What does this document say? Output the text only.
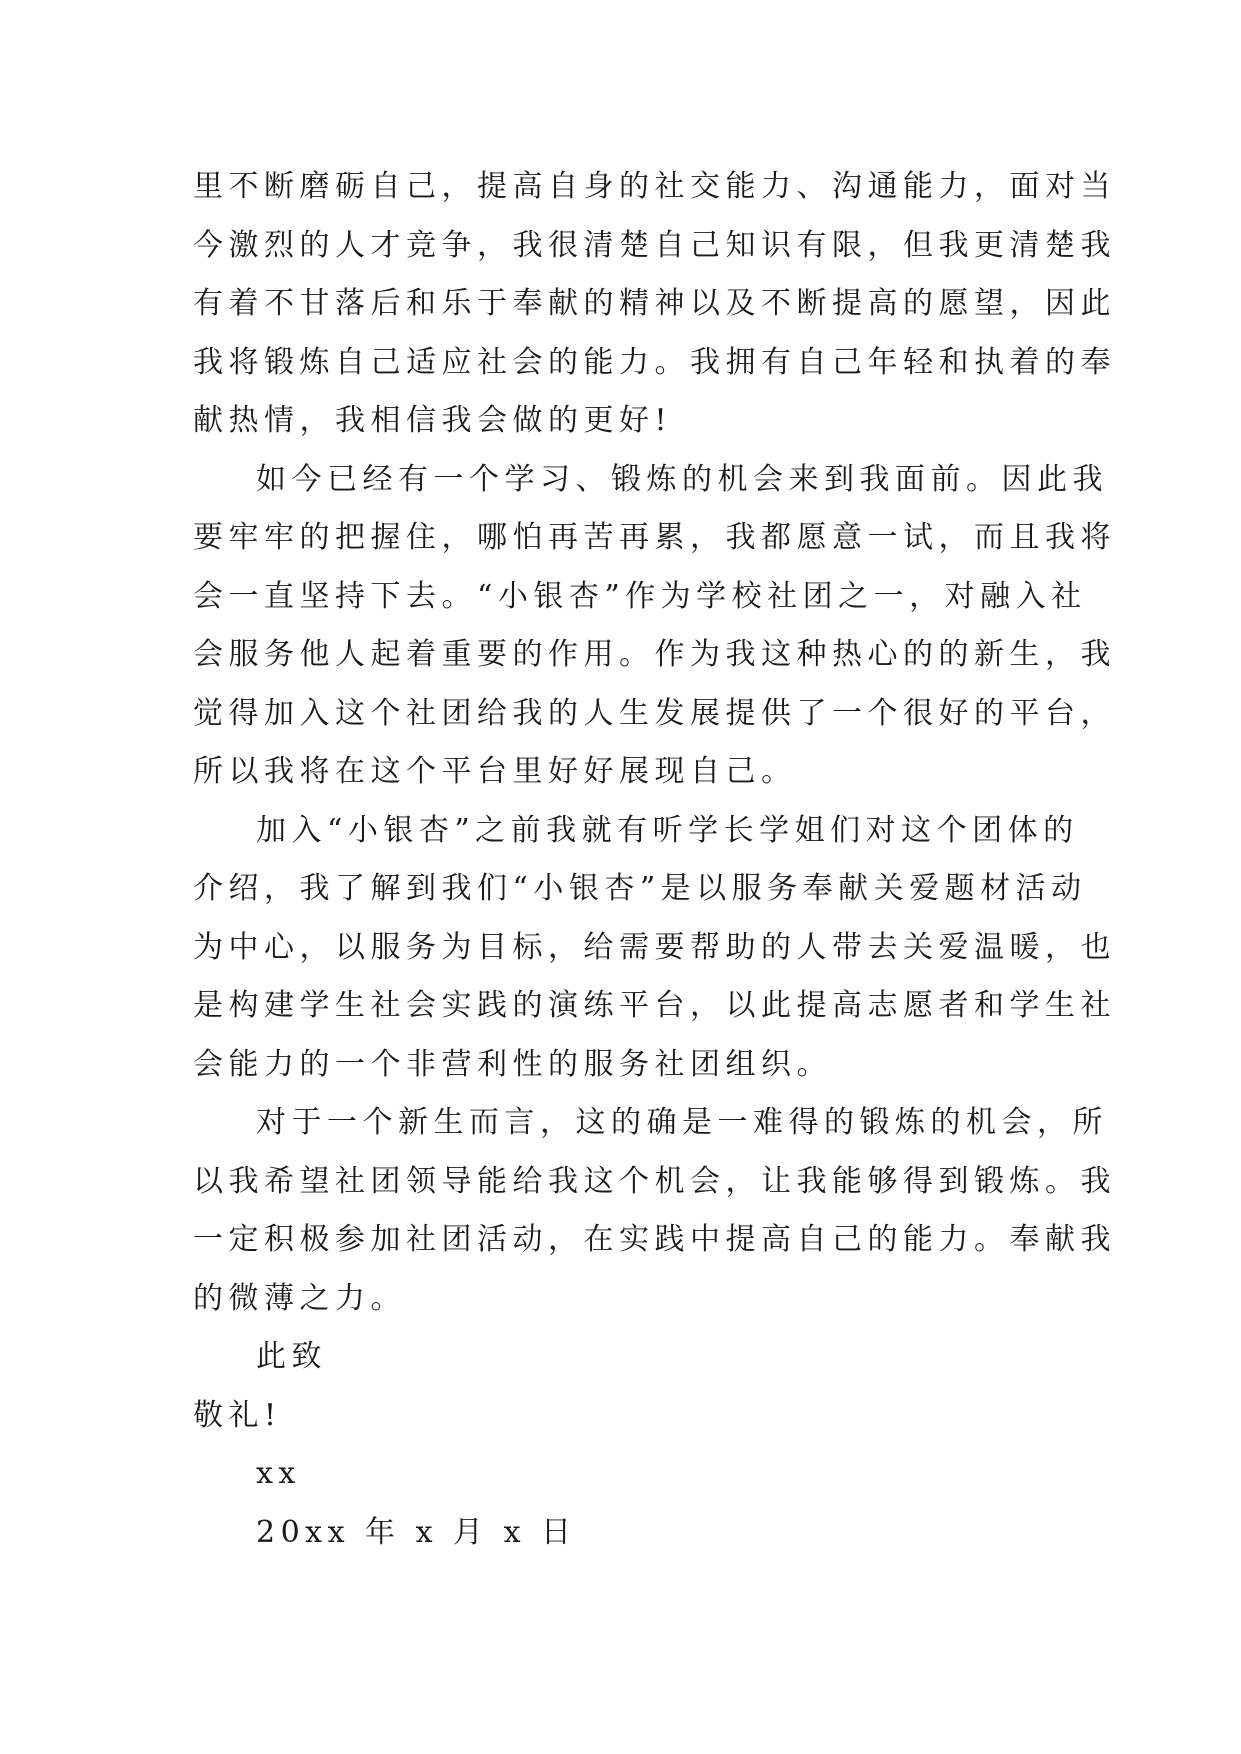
里不断磨砺自己，提高自身的社交能力、沟通能力，面对当
今激烈的人才竞争，我很清楚自己知识有限，但我更清楚我
有着不甘落后和乐于奉献的精神以及不断提高的愿望，因此
我将锻炼自己适应社会的能力。我拥有自己年轻和执着的奉
献热情，我相信我会做的更好!
如今已经有一个学习、锻炼的机会来到我面前。因此我
要牢牢的把握住，哪怕再苦再累，我都愿意一试，而且我将
会一直坚持下去。“小银杏”作为学校社团之一，对融入社
会服务他人起着重要的作用。作为我这种热心的的新生，我
觉得加入这个社团给我的人生发展提供了一个很好的平台，
所以我将在这个平台里好好展现自己。
加入“小银杏”之前我就有听学长学姐们对这个团体的
介绍，我了解到我们“小银杏”是以服务奉献关爱题材活动
为中心，以服务为目标，给需要帮助的人带去关爱温暖，也
是构建学生社会实践的演练平台，以此提高志愿者和学生社
会能力的一个非营利性的服务社团组织。
对于一个新生而言，这的确是一难得的锻炼的机会，所
以我希望社团领导能给我这个机会，让我能够得到锻炼。我
一定积极参加社团活动，在实践中提高自己的能力。奉献我
的微薄之力。
此致
敬礼!
xx
20xx 年 x 月 x 日
